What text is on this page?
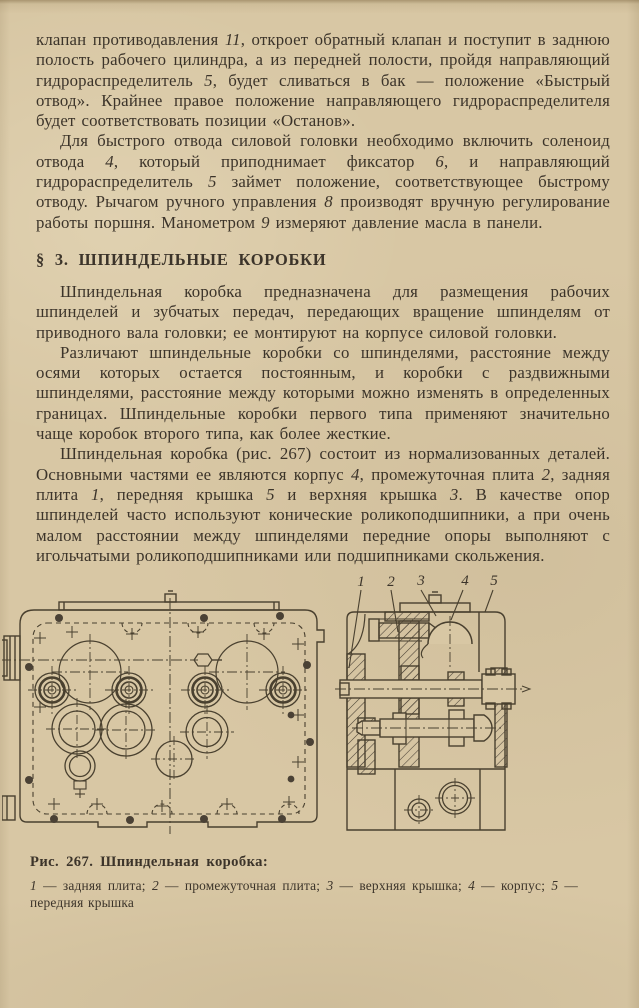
клапан противодавления 11, откроет обратный клапан и поступит в заднюю полость рабочего цилиндра, а из передней полости, пройдя направляющий гидрораспределитель 5, будет сливаться в бак — положение «Быстрый отвод». Крайнее правое положение направляющего гидрораспределителя будет соответствовать позиции «Останов».

Для быстрого отвода силовой головки необходимо включить соленоид отвода 4, который приподнимает фиксатор 6, и направляющий гидрораспределитель 5 займет положение, соответствующее быстрому отводу. Рычагом ручного управления 8 производят вручную регулирование работы поршня. Манометром 9 измеряют давление масла в панели.

§ 3. ШПИНДЕЛЬНЫЕ КОРОБКИ

Шпиндельная коробка предназначена для размещения рабочих шпинделей и зубчатых передач, передающих вращение шпинделям от приводного вала головки; ее монтируют на корпусе силовой головки.

Различают шпиндельные коробки со шпинделями, расстояние между осями которых остается постоянным, и коробки с раздвижными шпинделями, расстояние между которыми можно изменять в определенных границах. Шпиндельные коробки первого типа применяют значительно чаще коробок второго типа, как более жесткие.

Шпиндельная коробка (рис. 267) состоит из нормализованных деталей. Основными частями ее являются корпус 4, промежуточная плита 2, задняя плита 1, передняя крышка 5 и верхняя крышка 3. В качестве опор шпинделей часто используют конические роликоподшипники, а при очень малом расстоянии между шпинделями передние опоры выполняют с игольчатыми роликоподшипниками или подшипниками скольжения.

1 2 3 4 5
Рис. 267. Шпиндельная коробка:
1 — задняя плита; 2 — промежуточная плита; 3 — верхняя крышка; 4 — корпус; 5 — передняя крышка
